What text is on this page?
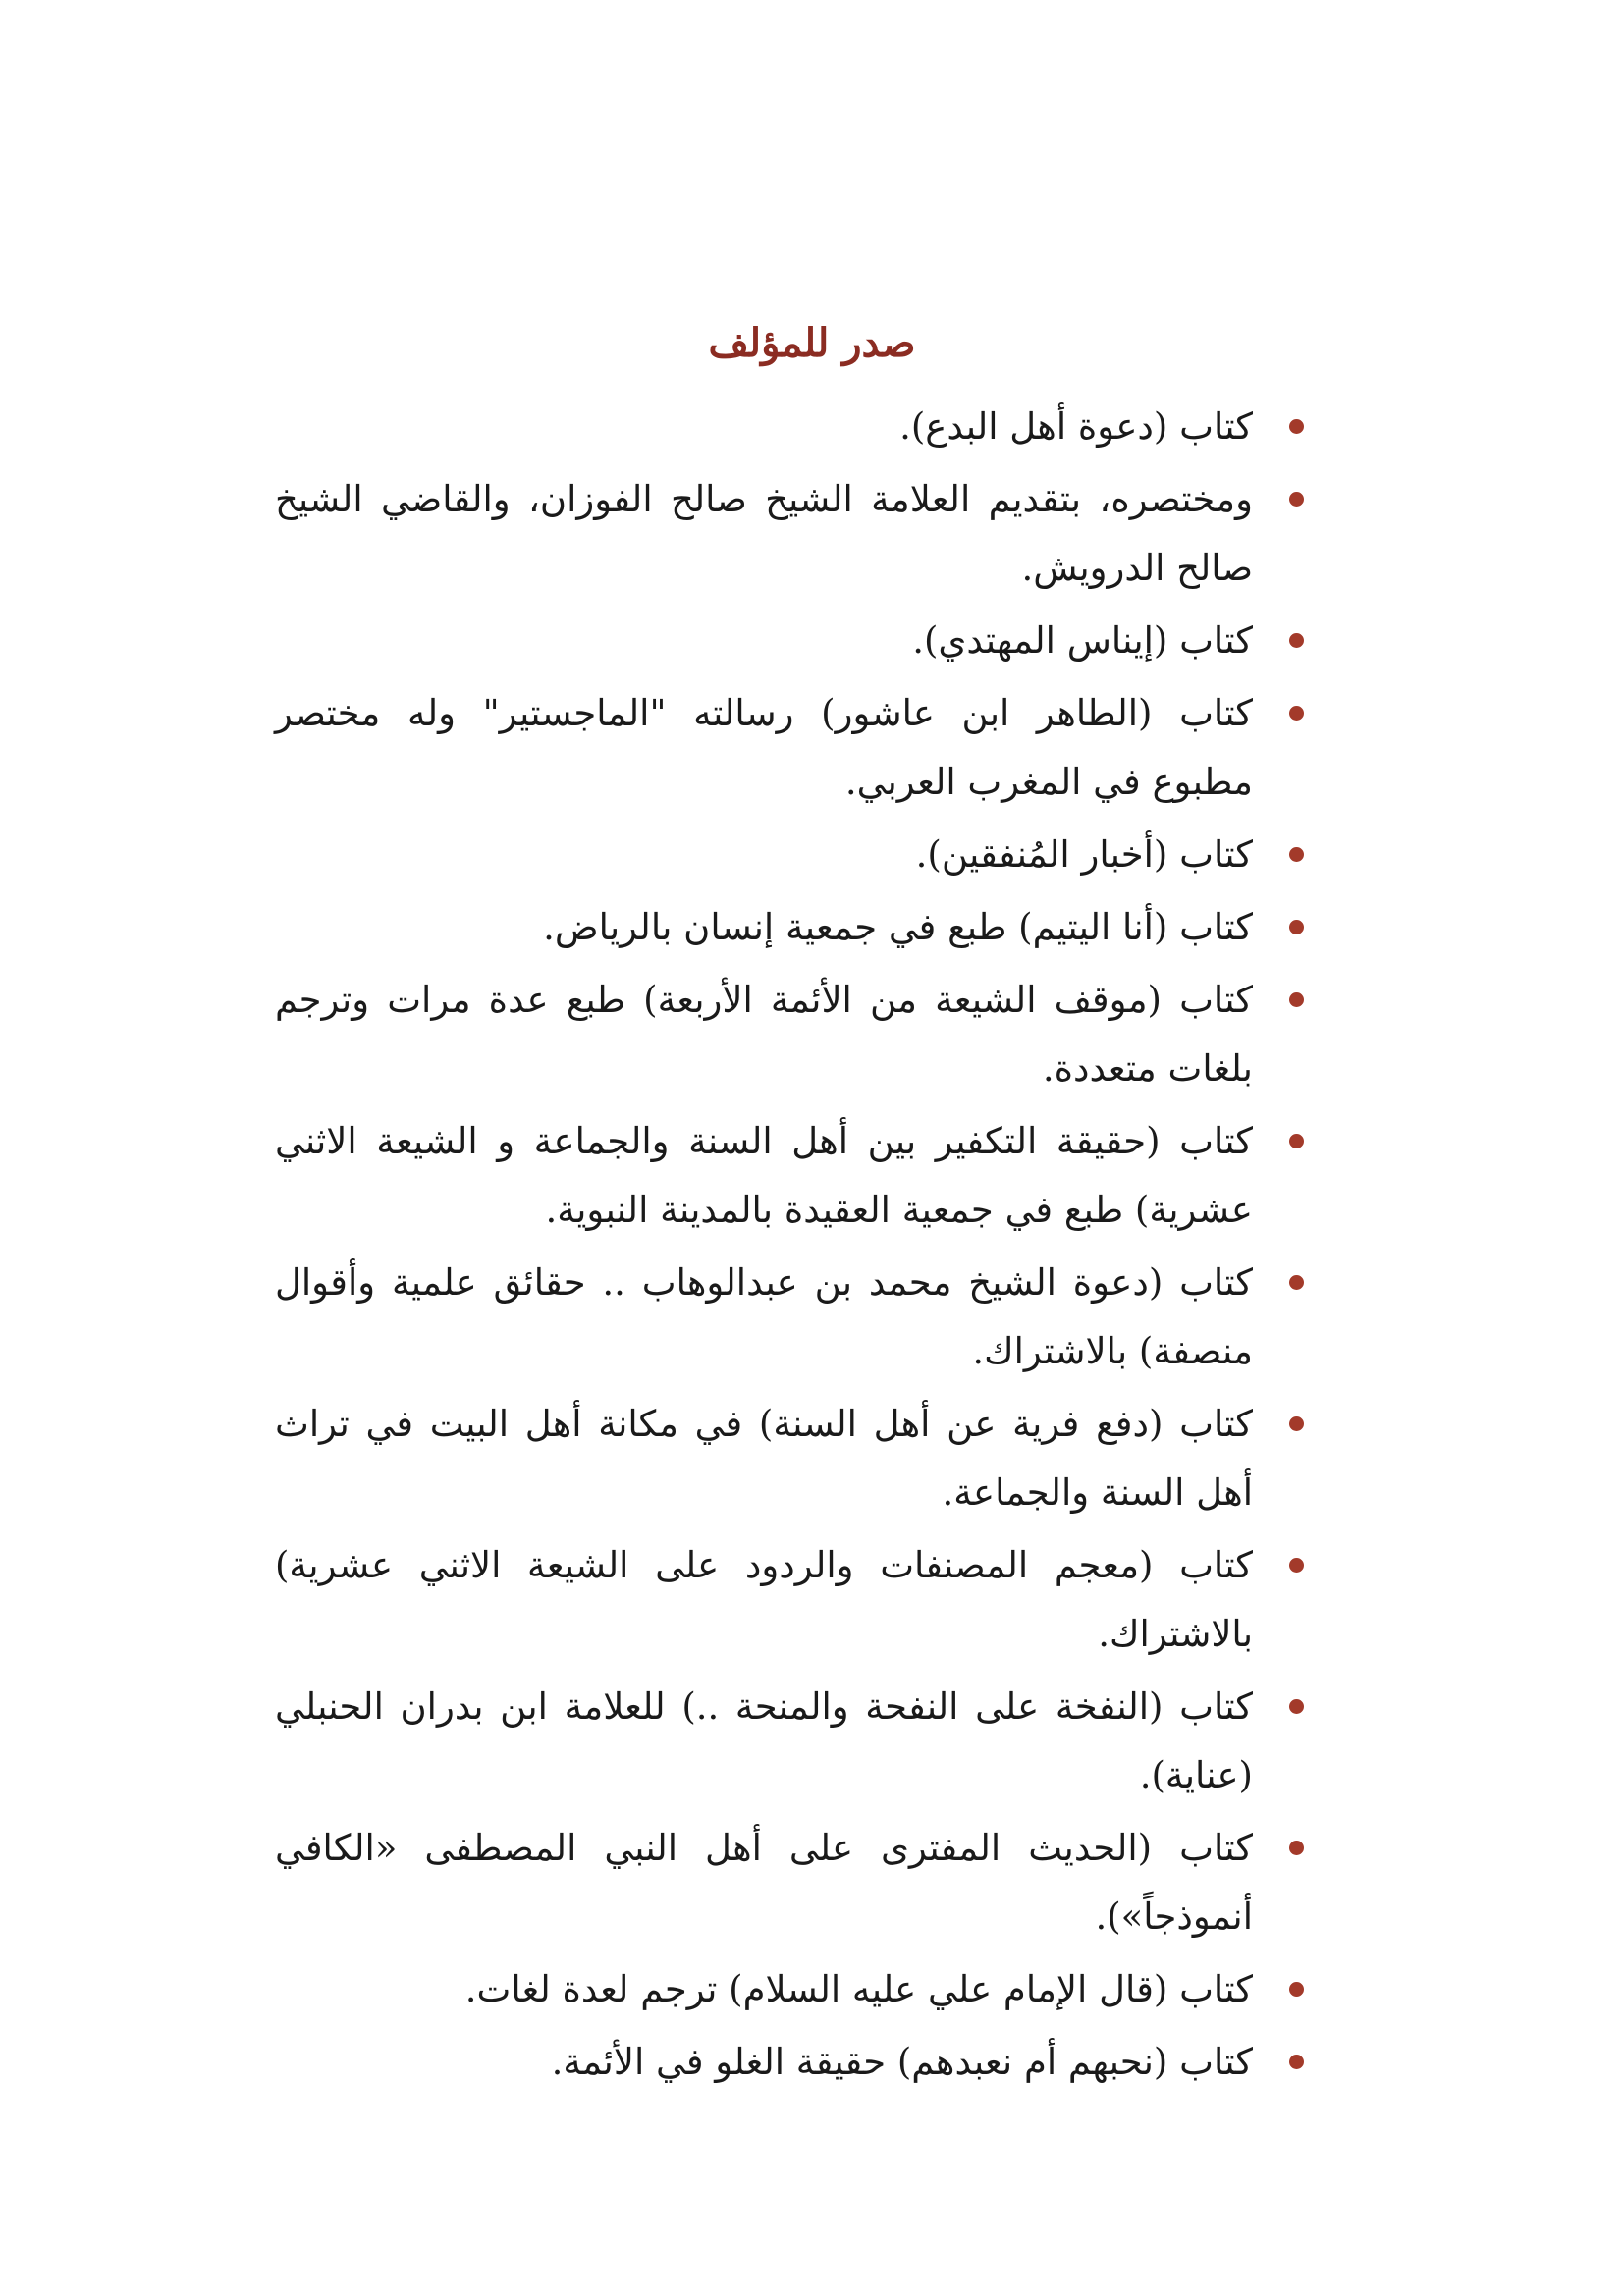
صدر للمؤلف
كتاب (دعوة أهل البدع).
ومختصره، بتقديم العلامة الشيخ صالح الفوزان، والقاضي الشيخ صالح الدرويش.
كتاب (إيناس المهتدي).
كتاب (الطاهر ابن عاشور) رسالته "الماجستير" وله مختصر مطبوع في المغرب العربي.
كتاب (أخبار المُنفقين).
كتاب (أنا اليتيم) طبع في جمعية إنسان بالرياض.
كتاب (موقف الشيعة من الأئمة الأربعة) طبع عدة مرات وترجم بلغات متعددة.
كتاب (حقيقة التكفير بين أهل السنة والجماعة و الشيعة الاثني عشرية) طبع في جمعية العقيدة بالمدينة النبوية.
كتاب (دعوة الشيخ محمد بن عبدالوهاب .. حقائق علمية وأقوال منصفة) بالاشتراك.
كتاب (دفع فرية عن أهل السنة) في مكانة أهل البيت في تراث أهل السنة والجماعة.
كتاب (معجم المصنفات والردود على الشيعة الاثني عشرية) بالاشتراك.
كتاب (النفخة على النفحة والمنحة ..) للعلامة ابن بدران الحنبلي (عناية).
كتاب (الحديث المفترى على أهل النبي المصطفى «الكافي أنموذجاً»).
كتاب (قال الإمام علي عليه السلام) ترجم لعدة لغات.
كتاب (نحبهم أم نعبدهم) حقيقة الغلو في الأئمة.
